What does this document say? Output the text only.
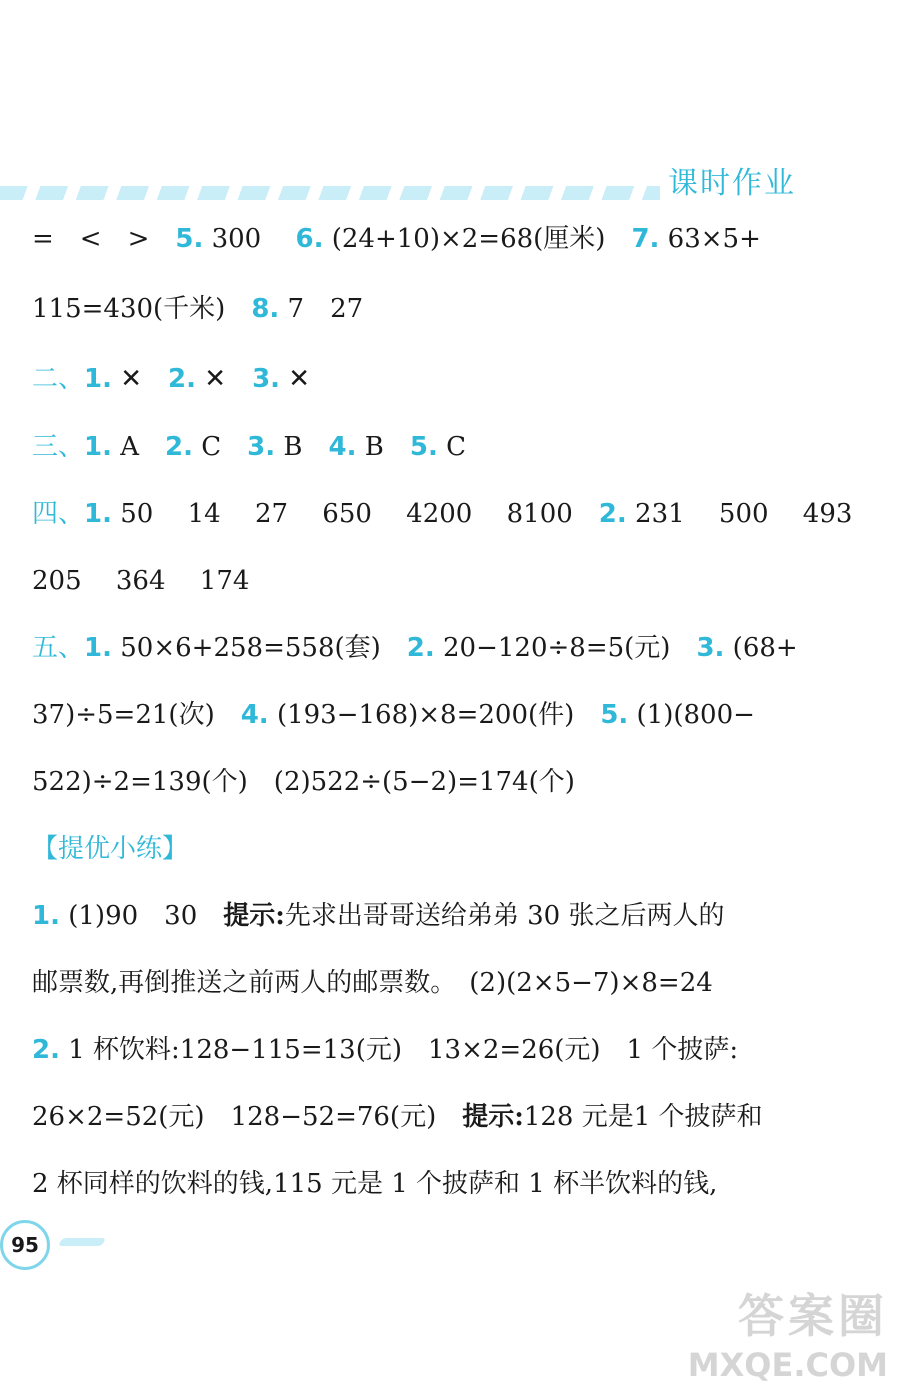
课时作业
=　<　>　5. 300　 6. (24+10)×2=68(厘米)　7. 63×5+
115=430(千米)　8. 7　27
二、1. ✕　2. ✕　3. ✕
三、1. A　2. C　3. B　4. B　5. C
四、1. 50　 14　 27　 650　 4200　 8100　2. 231　 500　 493
205　 364　 174
五、1. 50×6+258=558(套)　2. 20−120÷8=5(元)　3. (68+
37)÷5=21(次)　4. (193−168)×8=200(件)　5. (1)(800−
522)÷2=139(个)　(2)522÷(5−2)=174(个)
【提优小练】
1. (1)90　30　提示:先求出哥哥送给弟弟 30 张之后两人的
邮票数,再倒推送之前两人的邮票数。　(2)(2×5−7)×8=24
2. 1 杯饮料:128−115=13(元)　13×2=26(元)　1 个披萨:
26×2=52(元)　128−52=76(元)　提示:128 元是1 个披萨和
2 杯同样的饮料的钱,115 元是 1 个披萨和 1 杯半饮料的钱,
95
答案圈
MXQE.COM
